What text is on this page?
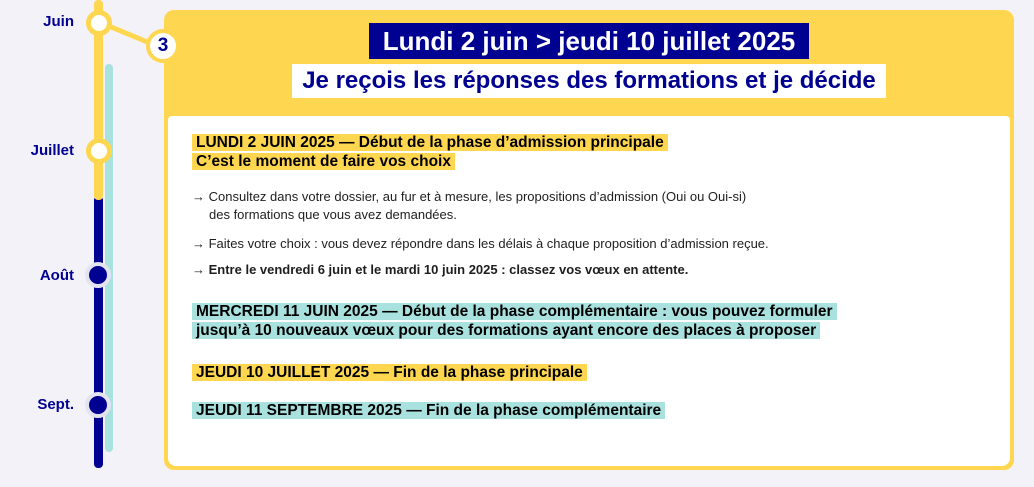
Juin
Juillet
Août
Sept.
3	Lundi 2 juin > jeudi 10 juillet 2025
Je reçois les réponses des formations et je décide
LUNDI 2 JUIN 2025 — Début de la phase d’admission principale
C’est le moment de faire vos choix
→ Consultez dans votre dossier, au fur et à mesure, les propositions d’admission (Oui ou Oui-si)
des formations que vous avez demandées.
→ Faites votre choix : vous devez répondre dans les délais à chaque proposition d’admission reçue.
→ Entre le vendredi 6 juin et le mardi 10 juin 2025 : classez vos vœux en attente.
MERCREDI 11 JUIN 2025 — Début de la phase complémentaire : vous pouvez formuler
jusqu’à 10 nouveaux vœux pour des formations ayant encore des places à proposer
JEUDI 10 JUILLET 2025 — Fin de la phase principale
JEUDI 11 SEPTEMBRE 2025 — Fin de la phase complémentaire
